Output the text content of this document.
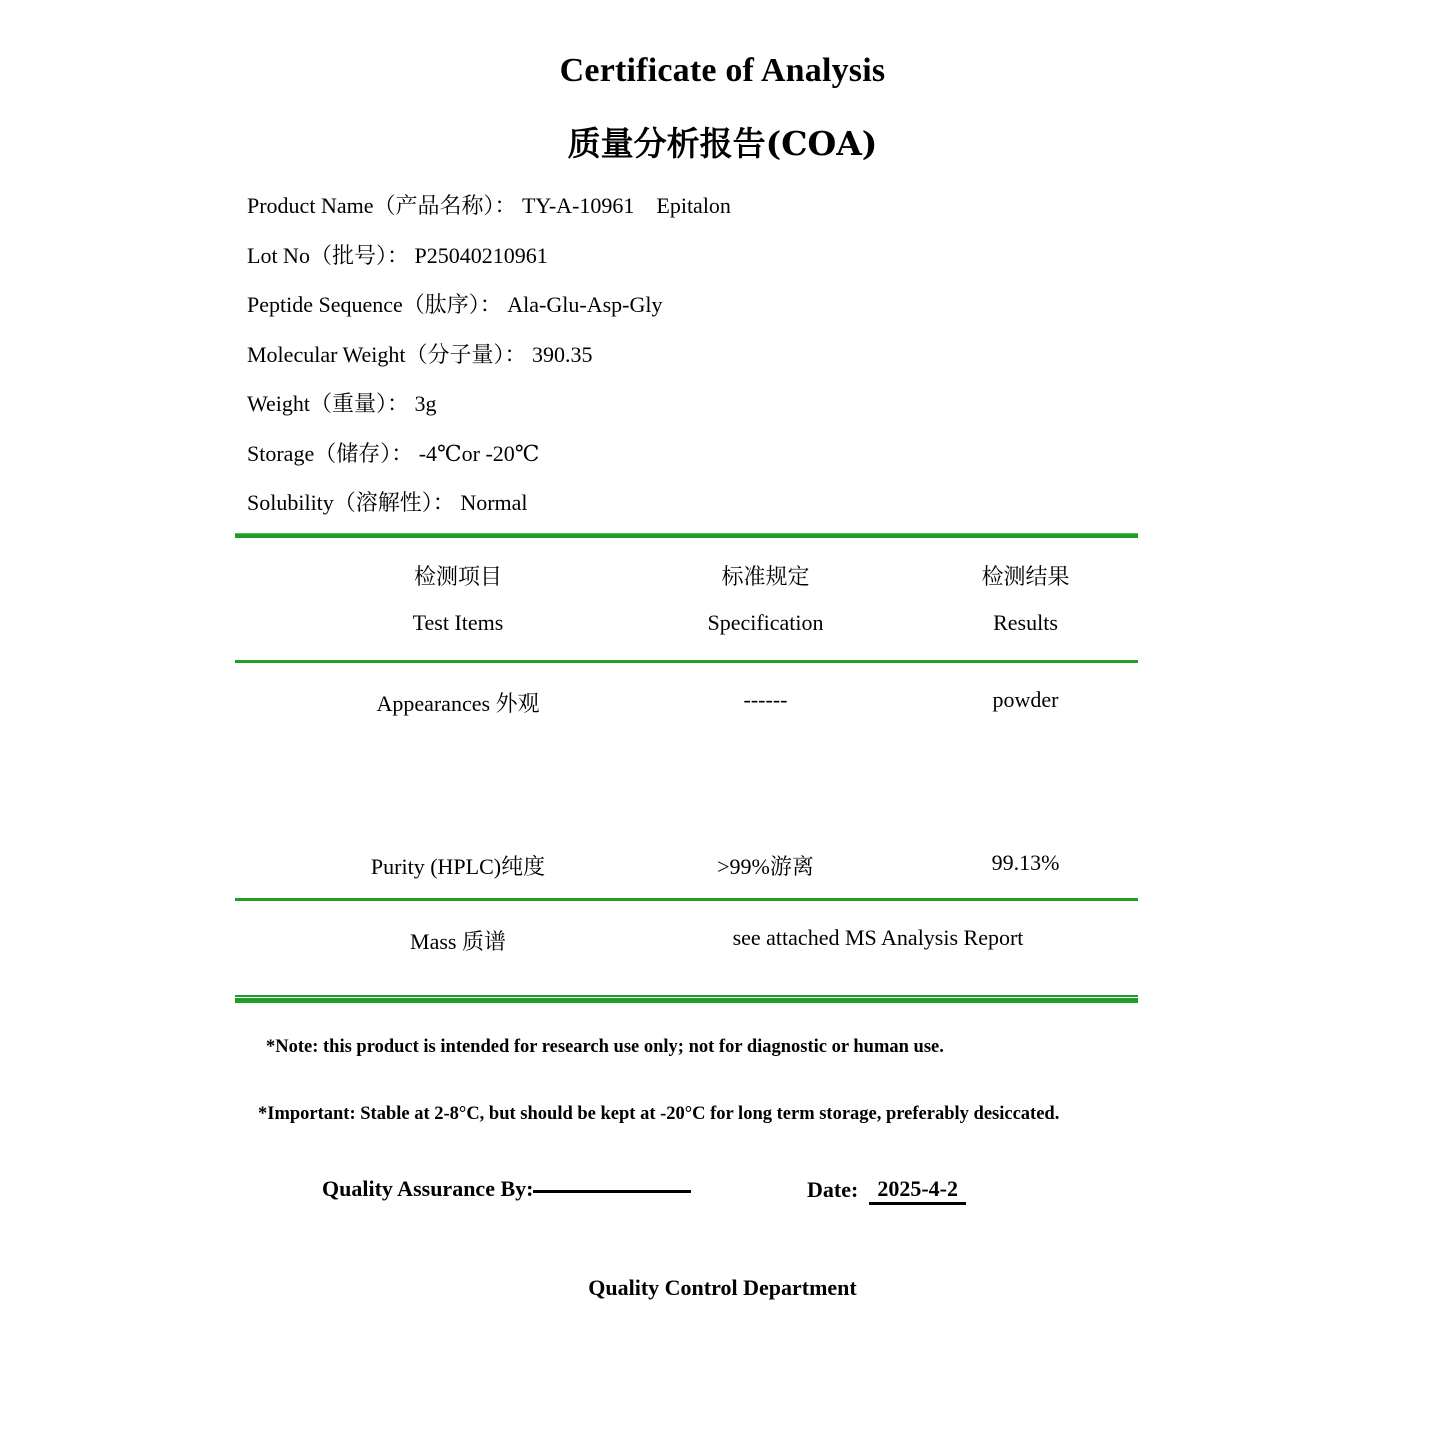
Certificate of Analysis
质量分析报告(COA)
Product Name（产品名称）： TY-A-10961    Epitalon
Lot No（批号）： P25040210961
Peptide Sequence（肽序）： Ala-Glu-Asp-Gly
Molecular Weight（分子量）： 390.35
Weight（重量）： 3g
Storage（储存）： -4℃or -20℃
Solubility（溶解性）： Normal
检测项目	标准规定	检测结果
Test Items	Specification	Results
Appearances 外观	------	powder
Purity (HPLC)纯度	>99%游离	99.13%
Mass 质谱	see attached MS Analysis Report
*Note: this product is intended for research use only; not for diagnostic or human use.
*Important: Stable at 2-8°C, but should be kept at -20°C for long term storage, preferably desiccated.
Quality Assurance By:	Date: 2025-4-2
Quality Control Department
